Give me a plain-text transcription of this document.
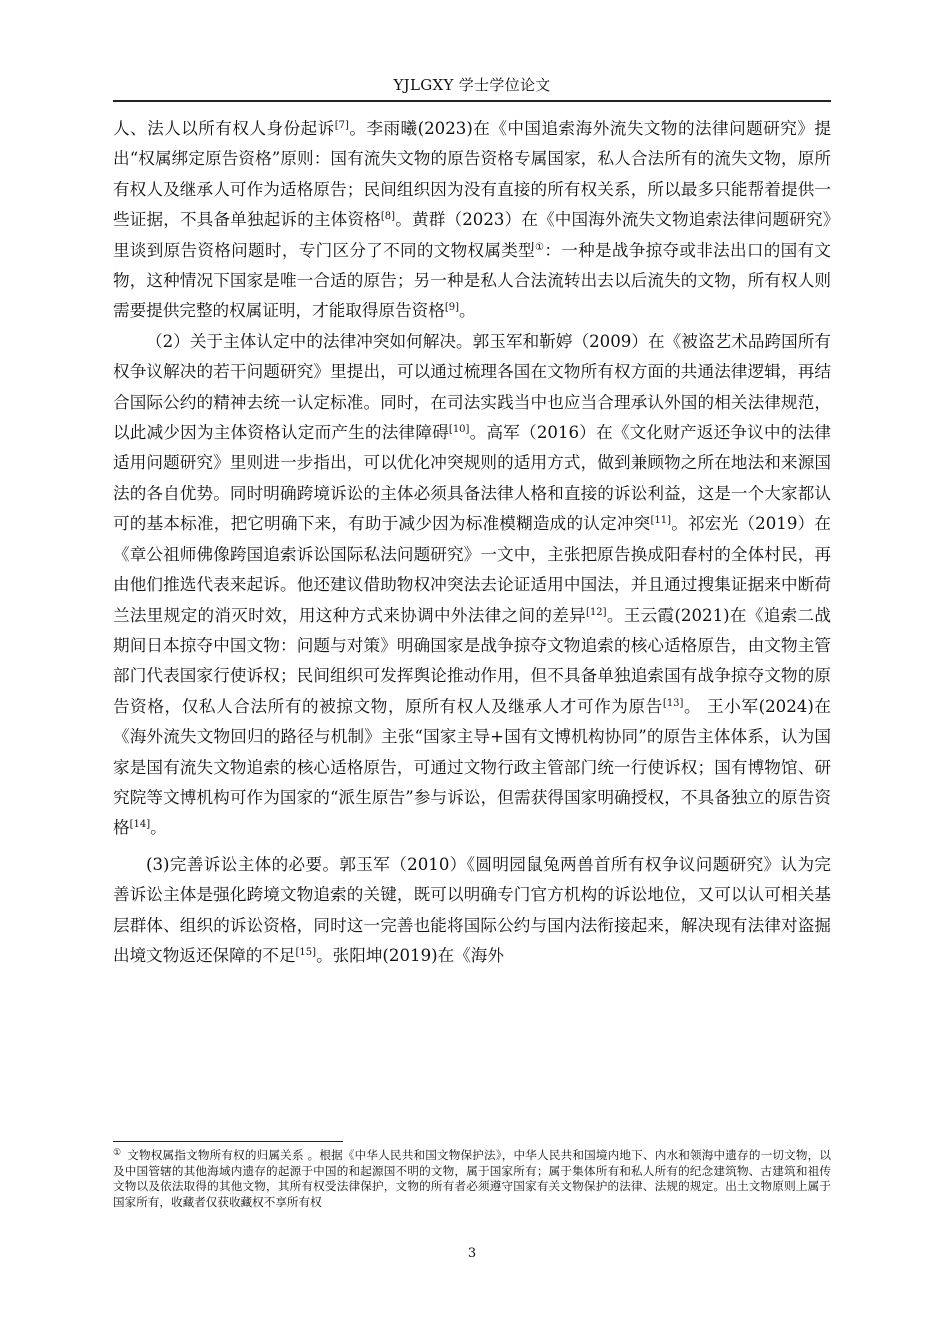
YJLGXY 学士学位论文

人、法人以所有权人身份起诉[7]。李雨曦(2023)在《中国追索海外流失文物的法律问题研究》提出“权属绑定原告资格”原则：国有流失文物的原告资格专属国家，私人合法所有的流失文物，原所有权人及继承人可作为适格原告；民间组织因为没有直接的所有权关系，所以最多只能帮着提供一些证据，不具备单独起诉的主体资格[8]。黄群（2023）在《中国海外流失文物追索法律问题研究》里谈到原告资格问题时，专门区分了不同的文物权属类型①：一种是战争掠夺或非法出口的国有文物，这种情况下国家是唯一合适的原告；另一种是私人合法流转出去以后流失的文物，所有权人则需要提供完整的权属证明，才能取得原告资格[9]。

（2）关于主体认定中的法律冲突如何解决。郭玉军和靳婷（2009）在《被盗艺术品跨国所有权争议解决的若干问题研究》里提出，可以通过梳理各国在文物所有权方面的共通法律逻辑，再结合国际公约的精神去统一认定标准。同时，在司法实践当中也应当合理承认外国的相关法律规范，以此减少因为主体资格认定而产生的法律障碍[10]。高军（2016）在《文化财产返还争议中的法律适用问题研究》里则进一步指出，可以优化冲突规则的适用方式，做到兼顾物之所在地法和来源国法的各自优势。同时明确跨境诉讼的主体必须具备法律人格和直接的诉讼利益，这是一个大家都认可的基本标准，把它明确下来，有助于减少因为标准模糊造成的认定冲突[11]。祁宏光（2019）在《章公祖师佛像跨国追索诉讼国际私法问题研究》一文中，主张把原告换成阳春村的全体村民，再由他们推选代表来起诉。他还建议借助物权冲突法去论证适用中国法，并且通过搜集证据来中断荷兰法里规定的消灭时效，用这种方式来协调中外法律之间的差异[12]。王云霞(2021)在《追索二战期间日本掠夺中国文物：问题与对策》明确国家是战争掠夺文物追索的核心适格原告，由文物主管部门代表国家行使诉权；民间组织可发挥舆论推动作用，但不具备单独追索国有战争掠夺文物的原告资格，仅私人合法所有的被掠文物，原所有权人及继承人才可作为原告[13]。 王小军(2024)在《海外流失文物回归的路径与机制》主张“国家主导+国有文博机构协同”的原告主体体系，认为国家是国有流失文物追索的核心适格原告，可通过文物行政主管部门统一行使诉权；国有博物馆、研究院等文博机构可作为国家的“派生原告”参与诉讼，但需获得国家明确授权，不具备独立的原告资格[14]。

(3)完善诉讼主体的必要。郭玉军（2010）《圆明园鼠兔两兽首所有权争议问题研究》认为完善诉讼主体是强化跨境文物追索的关键，既可以明确专门官方机构的诉讼地位，又可以认可相关基层群体、组织的诉讼资格，同时这一完善也能将国际公约与国内法衔接起来，解决现有法律对盗掘出境文物返还保障的不足[15]。张阳坤(2019)在《海外

① 文物权属指文物所有权的归属关系 。根据《中华人民共和国文物保护法》，中华人民共和国境内地下、内水和领海中遗存的一切文物，以及中国管辖的其他海域内遗存的起源于中国的和起源国不明的文物，属于国家所有；属于集体所有和私人所有的纪念建筑物、古建筑和祖传文物以及依法取得的其他文物，其所有权受法律保护，文物的所有者必须遵守国家有关文物保护的法律、法规的规定。出土文物原则上属于国家所有，收藏者仅获收藏权不享所有权
3
